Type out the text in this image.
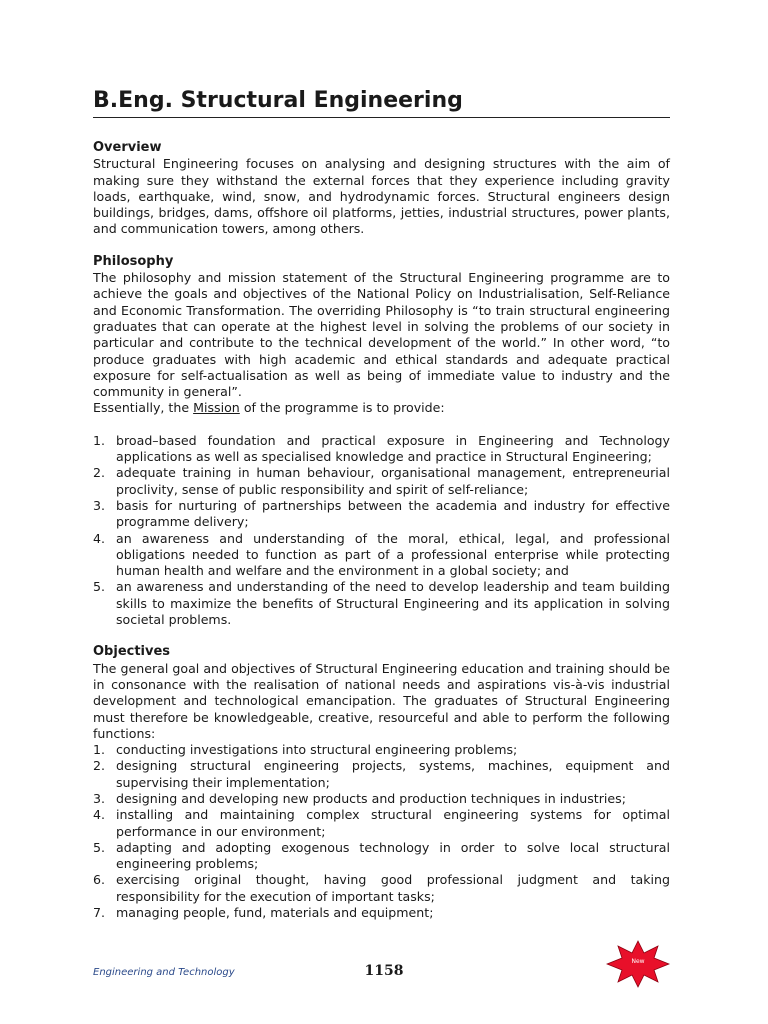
B.Eng. Structural Engineering

Overview

Structural Engineering focuses on analysing and designing structures with the aim of making sure they withstand the external forces that they experience including gravity loads, earthquake, wind, snow, and hydrodynamic forces. Structural engineers design buildings, bridges, dams, offshore oil platforms, jetties, industrial structures, power plants, and communication towers, among others.

Philosophy

The philosophy and mission statement of the Structural Engineering programme are to achieve the goals and objectives of the National Policy on Industrialisation, Self-Reliance and Economic Transformation. The overriding Philosophy is “to train structural engineering graduates that can operate at the highest level in solving the problems of our society in particular and contribute to the technical development of the world.” In other word, “to produce graduates with high academic and ethical standards and adequate practical exposure for self-actualisation as well as being of immediate value to industry and the community in general”.

Essentially, the Mission of the programme is to provide:

1. broad–based foundation and practical exposure in Engineering and Technology applications as well as specialised knowledge and practice in Structural Engineering;
2. adequate training in human behaviour, organisational management, entrepreneurial proclivity, sense of public responsibility and spirit of self-reliance;
3. basis for nurturing of partnerships between the academia and industry for effective programme delivery;
4. an awareness and understanding of the moral, ethical, legal, and professional obligations needed to function as part of a professional enterprise while protecting human health and welfare and the environment in a global society; and
5. an awareness and understanding of the need to develop leadership and team building skills to maximize the benefits of Structural Engineering and its application in solving societal problems.

Objectives

The general goal and objectives of Structural Engineering education and training should be in consonance with the realisation of national needs and aspirations vis-à-vis industrial development and technological emancipation. The graduates of Structural Engineering must therefore be knowledgeable, creative, resourceful and able to perform the following functions:

1. conducting investigations into structural engineering problems;
2. designing structural engineering projects, systems, machines, equipment and supervising their implementation;
3. designing and developing new products and production techniques in industries;
4. installing and maintaining complex structural engineering systems for optimal performance in our environment;
5. adapting and adopting exogenous technology in order to solve local structural engineering problems;
6. exercising original thought, having good professional judgment and taking responsibility for the execution of important tasks;
7. managing people, fund, materials and equipment;
Engineering and Technology	1158
New
